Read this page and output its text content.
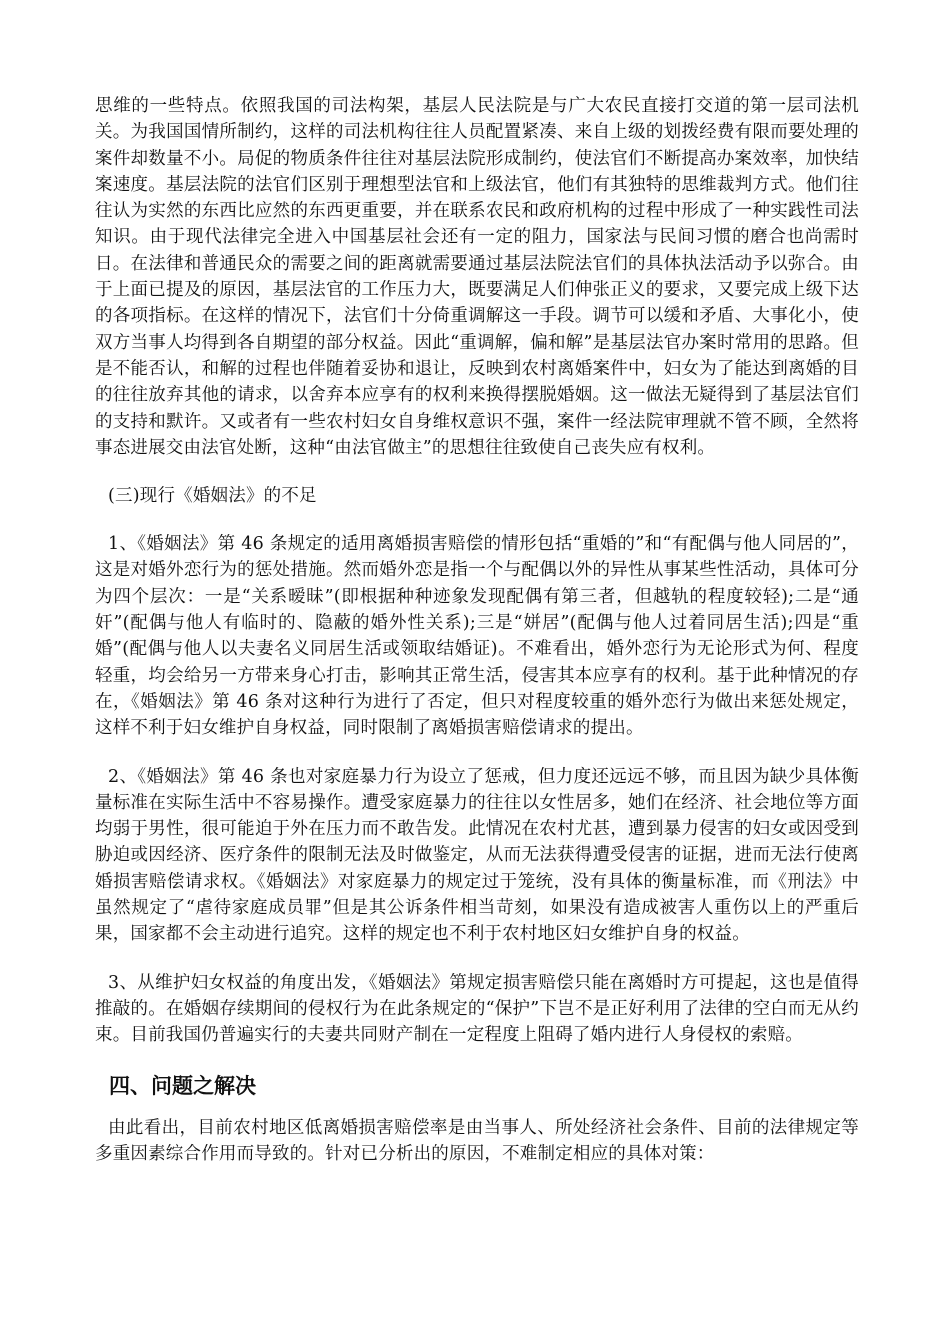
思维的一些特点。依照我国的司法构架，基层人民法院是与广大农民直接打交道的第一层司法机关。为我国国情所制约，这样的司法机构往往人员配置紧凑、来自上级的划拨经费有限而要处理的案件却数量不小。局促的物质条件往往对基层法院形成制约，使法官们不断提高办案效率，加快结案速度。基层法院的法官们区别于理想型法官和上级法官，他们有其独特的思维裁判方式。他们往往认为实然的东西比应然的东西更重要，并在联系农民和政府机构的过程中形成了一种实践性司法知识。由于现代法律完全进入中国基层社会还有一定的阻力，国家法与民间习惯的磨合也尚需时日。在法律和普通民众的需要之间的距离就需要通过基层法院法官们的具体执法活动予以弥合。由于上面已提及的原因，基层法官的工作压力大，既要满足人们伸张正义的要求，又要完成上级下达的各项指标。在这样的情况下，法官们十分倚重调解这一手段。调节可以缓和矛盾、大事化小，使双方当事人均得到各自期望的部分权益。因此“重调解，偏和解”是基层法官办案时常用的思路。但是不能否认，和解的过程也伴随着妥协和退让，反映到农村离婚案件中，妇女为了能达到离婚的目的往往放弃其他的请求，以舍弃本应享有的权利来换得摆脱婚姻。这一做法无疑得到了基层法官们的支持和默许。又或者有一些农村妇女自身维权意识不强，案件一经法院审理就不管不顾，全然将事态进展交由法官处断，这种“由法官做主”的思想往往致使自己丧失应有权利。

(三)现行《婚姻法》的不足

1、《婚姻法》第 46 条规定的适用离婚损害赔偿的情形包括“重婚的”和“有配偶与他人同居的”，这是对婚外恋行为的惩处措施。然而婚外恋是指一个与配偶以外的异性从事某些性活动，具体可分为四个层次：一是“关系暧昧”(即根据种种迹象发现配偶有第三者，但越轨的程度较轻);二是“通奸”(配偶与他人有临时的、隐蔽的婚外性关系);三是“姘居”(配偶与他人过着同居生活);四是“重婚”(配偶与他人以夫妻名义同居生活或领取结婚证)。不难看出，婚外恋行为无论形式为何、程度轻重，均会给另一方带来身心打击，影响其正常生活，侵害其本应享有的权利。基于此种情况的存在，《婚姻法》第 46 条对这种行为进行了否定，但只对程度较重的婚外恋行为做出来惩处规定，这样不利于妇女维护自身权益，同时限制了离婚损害赔偿请求的提出。

2、《婚姻法》第 46 条也对家庭暴力行为设立了惩戒，但力度还远远不够，而且因为缺少具体衡量标准在实际生活中不容易操作。遭受家庭暴力的往往以女性居多，她们在经济、社会地位等方面均弱于男性，很可能迫于外在压力而不敢告发。此情况在农村尤甚，遭到暴力侵害的妇女或因受到胁迫或因经济、医疗条件的限制无法及时做鉴定，从而无法获得遭受侵害的证据，进而无法行使离婚损害赔偿请求权。《婚姻法》对家庭暴力的规定过于笼统，没有具体的衡量标准，而《刑法》中虽然规定了“虐待家庭成员罪”但是其公诉条件相当苛刻，如果没有造成被害人重伤以上的严重后果，国家都不会主动进行追究。这样的规定也不利于农村地区妇女维护自身的权益。

3、从维护妇女权益的角度出发，《婚姻法》第规定损害赔偿只能在离婚时方可提起，这也是值得推敲的。在婚姻存续期间的侵权行为在此条规定的“保护”下岂不是正好利用了法律的空白而无从约束。目前我国仍普遍实行的夫妻共同财产制在一定程度上阻碍了婚内进行人身侵权的索赔。

四、问题之解决

由此看出，目前农村地区低离婚损害赔偿率是由当事人、所处经济社会条件、目前的法律规定等多重因素综合作用而导致的。针对已分析出的原因，不难制定相应的具体对策：
